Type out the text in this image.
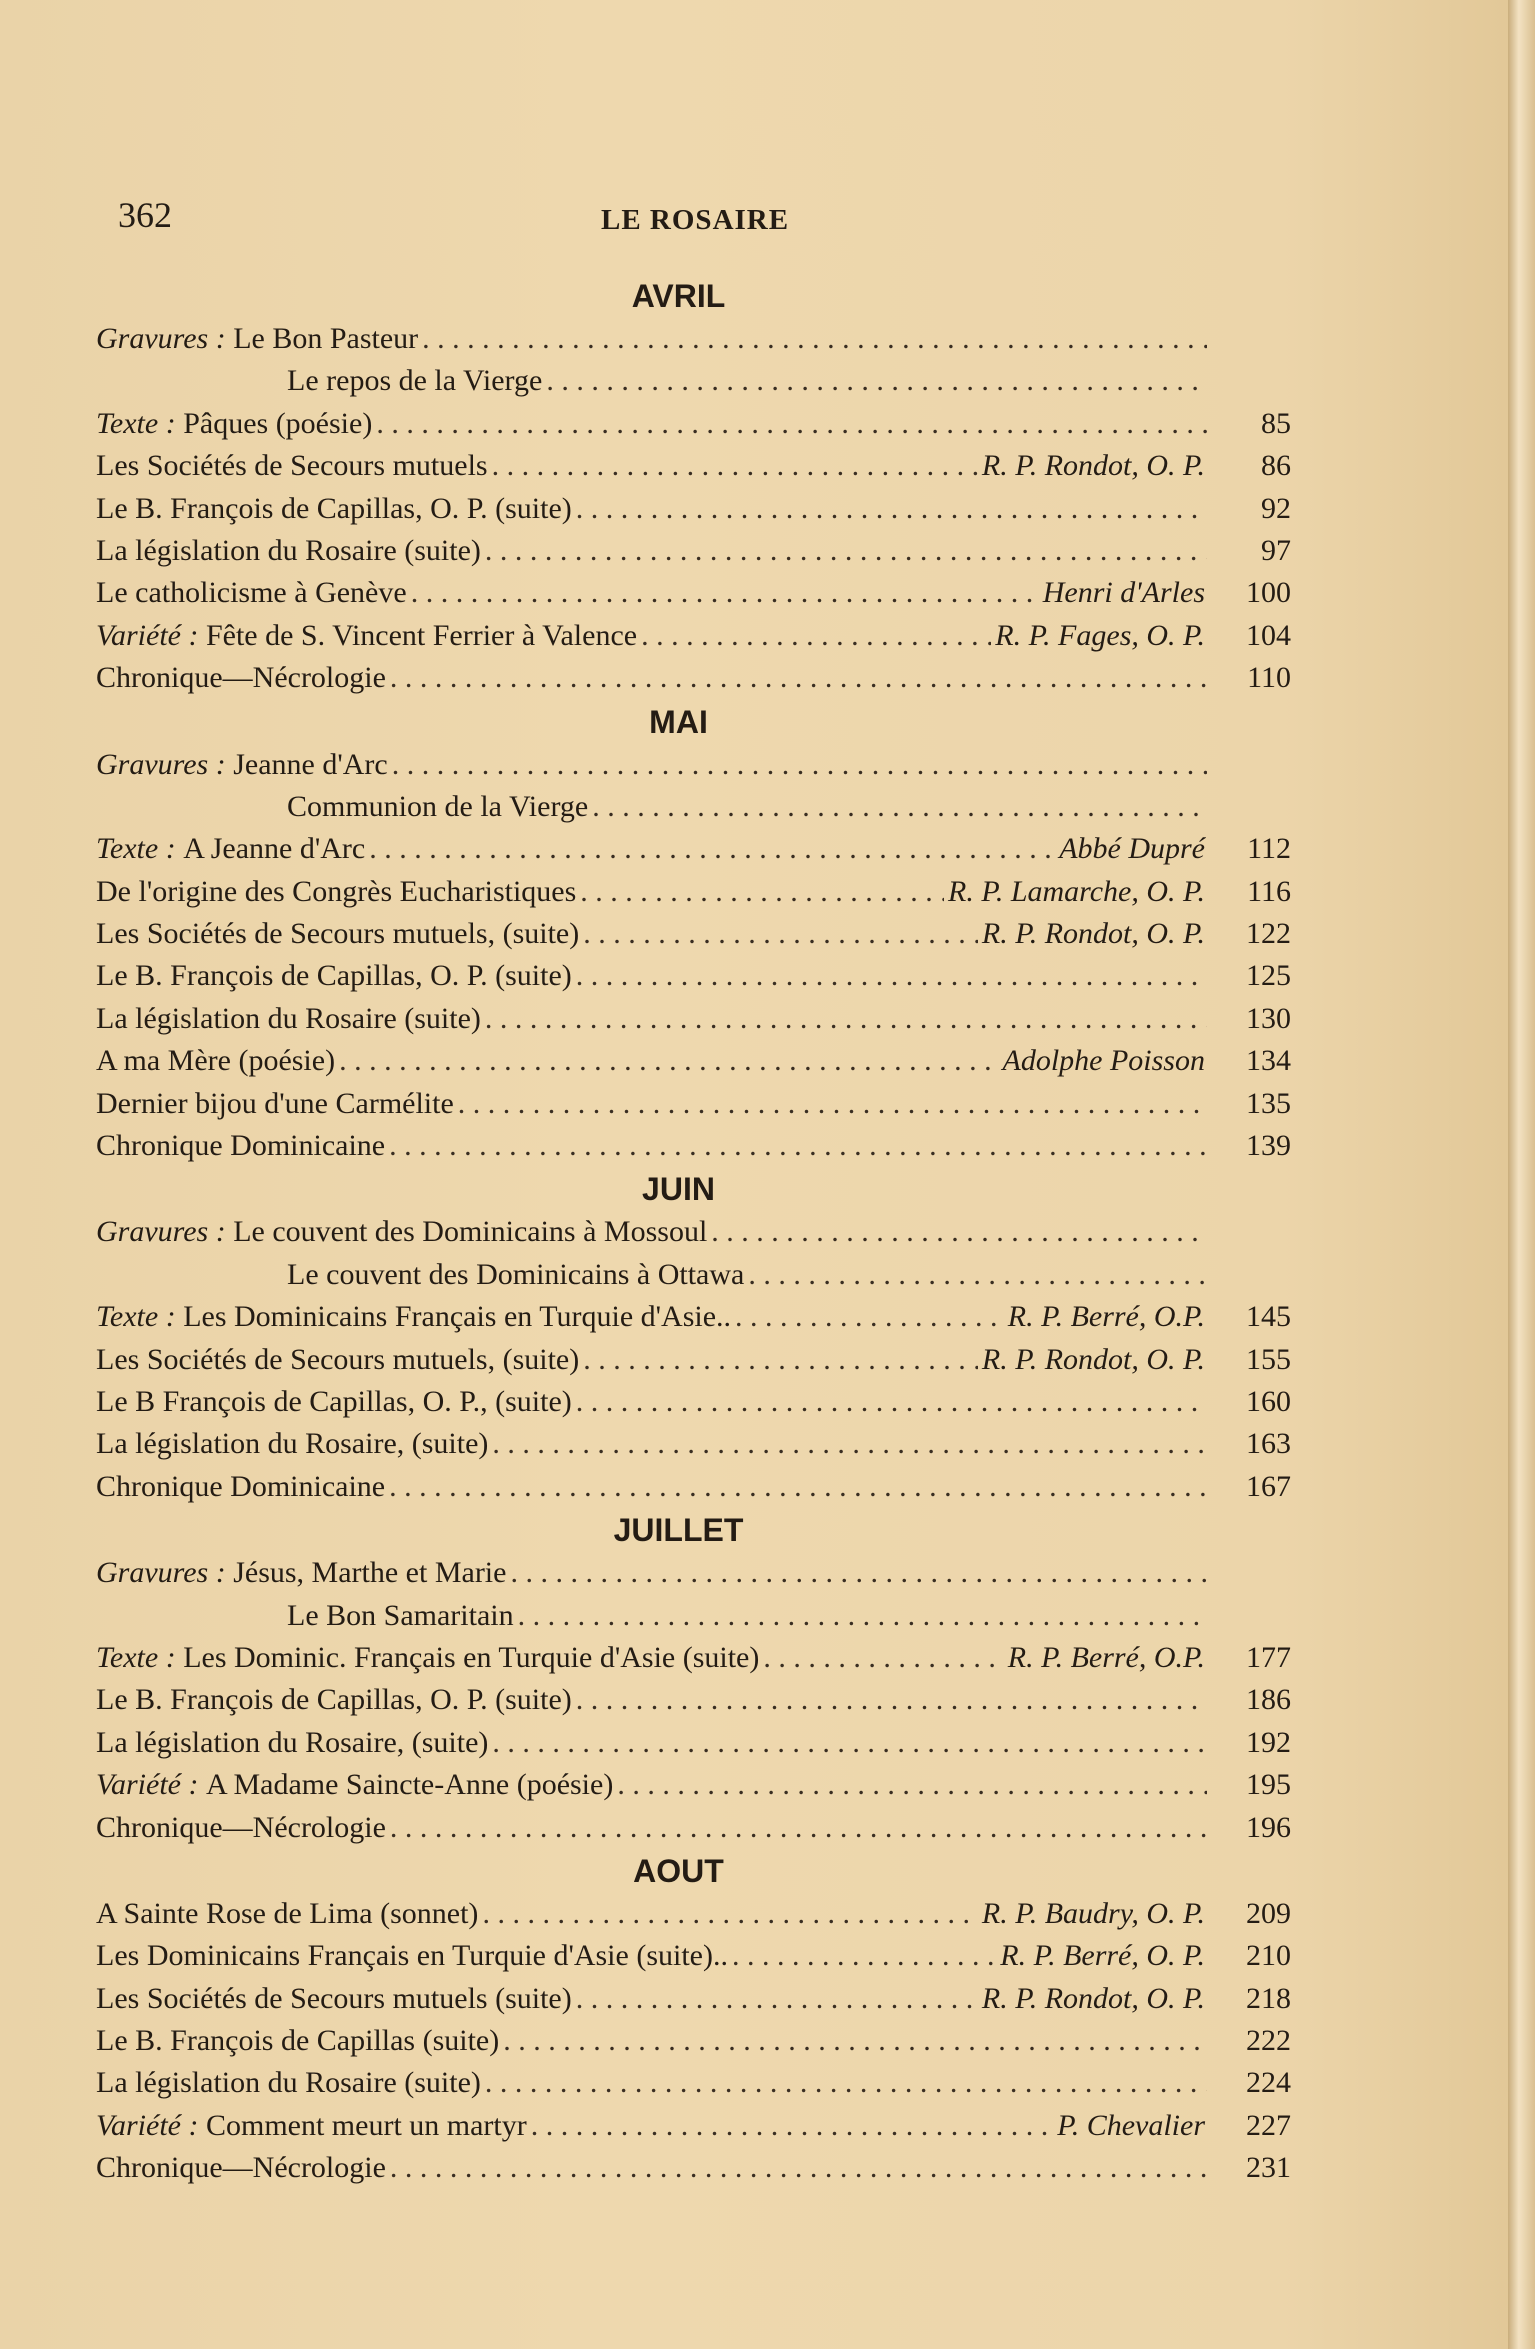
362	LE ROSAIRE
AVRIL
Gravures : Le Bon Pasteur
. . .
Le repos de la Vierge
. . .
Texte : Pâques (poésie) . . .	85
Les Sociétés de Secours mutuels . . .	R. P. Rondot, O. P.	86
Le B. François de Capillas, O. P. (suite) . . .	92
La législation du Rosaire (suite) . . .	97
Le catholicisme à Genève . . .	Henri d'Arles	100
Variété : Fête de S. Vincent Ferrier à Valence . . .	R. P. Fages, O. P.	104
Chronique—Nécrologie . . .	110
MAI
Gravures : Jeanne d'Arc
. . .
Communion de la Vierge
. . .
Texte : A Jeanne d'Arc . . .	Abbé Dupré	112
De l'origine des Congrès Eucharistiques . . .	R. P. Lamarche, O. P.	116
Les Sociétés de Secours mutuels, (suite) . . .	R. P. Rondot, O. P.	122
Le B. François de Capillas, O. P. (suite) . . .	125
La législation du Rosaire (suite) . . .	130
A ma Mère (poésie) . . .	Adolphe Poisson	134
Dernier bijou d'une Carmélite . . .	135
Chronique Dominicaine . . .	139
JUIN
Gravures : Le couvent des Dominicains à Mossoul
. . .
Le couvent des Dominicains à Ottawa
. . .
Texte : Les Dominicains Français en Turquie d'Asie.. . . .	R. P. Berré, O.P.	145
Les Sociétés de Secours mutuels, (suite) . . .	R. P. Rondot, O. P.	155
Le B François de Capillas, O. P., (suite) . . .	160
La législation du Rosaire, (suite) . . .	163
Chronique Dominicaine . . .	167
JUILLET
Gravures : Jésus, Marthe et Marie
. . .
Le Bon Samaritain
. . .
Texte : Les Dominic. Français en Turquie d'Asie (suite) . . .	R. P. Berré, O.P.	177
Le B. François de Capillas, O. P. (suite) . . .	186
La législation du Rosaire, (suite) . . .	192
Variété : A Madame Saincte-Anne (poésie) . . .	195
Chronique—Nécrologie . . .	196
AOUT
A Sainte Rose de Lima (sonnet) . . .	R. P. Baudry, O. P.	209
Les Dominicains Français en Turquie d'Asie (suite).. . . .	R. P. Berré, O. P.	210
Les Sociétés de Secours mutuels (suite) . . .	R. P. Rondot, O. P.	218
Le B. François de Capillas (suite) . . .	222
La législation du Rosaire (suite) . . .	224
Variété : Comment meurt un martyr . . .	P. Chevalier	227
Chronique—Nécrologie . . .	231
